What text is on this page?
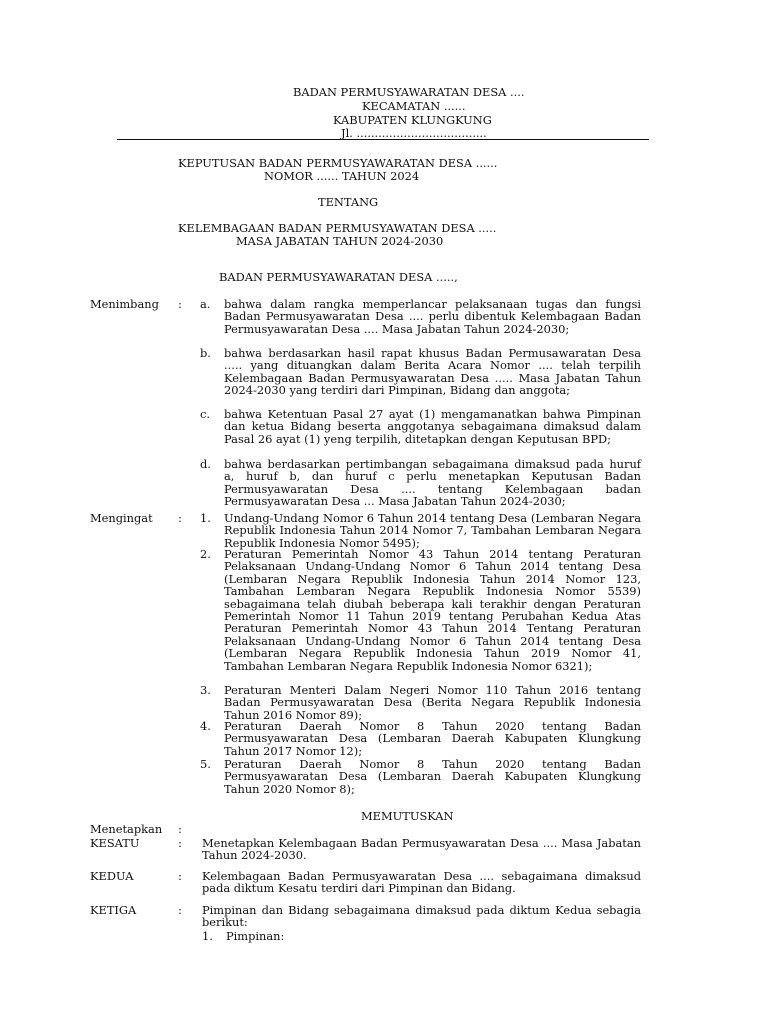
BADAN PERMUSYAWARATAN DESA ....
KECAMATAN ......
KABUPATEN KLUNGKUNG
Jl. ....................................
KEPUTUSAN BADAN PERMUSYAWARATAN DESA ......
NOMOR ...... TAHUN 2024
TENTANG
KELEMBAGAAN BADAN PERMUSYAWATAN DESA .....
MASA JABATAN TAHUN 2024-2030
BADAN PERMUSYAWARATAN DESA .....,
Menimbang : a.	bahwa dalam rangka memperlancar pelaksanaan tugas dan fungsi Badan Permusyawaratan Desa .... perlu dibentuk Kelembagaan Badan Permusyawaratan Desa .... Masa Jabatan Tahun 2024-2030;
b.	bahwa berdasarkan hasil rapat khusus Badan Permusawaratan Desa ..... yang dituangkan dalam Berita Acara Nomor .... telah terpilih Kelembagaan Badan Permusyawaratan Desa ..... Masa Jabatan Tahun 2024-2030 yang terdiri dari Pimpinan, Bidang dan anggota;
c.	bahwa Ketentuan Pasal 27 ayat (1) mengamanatkan bahwa Pimpinan dan ketua Bidang beserta anggotanya sebagaimana dimaksud dalam Pasal 26 ayat (1) yeng terpilih, ditetapkan dengan Keputusan BPD;
d.	bahwa berdasarkan pertimbangan sebagaimana dimaksud pada huruf a, huruf b, dan huruf c perlu menetapkan Keputusan Badan Permusyawaratan Desa .... tentang Kelembagaan badan Permusyawaratan Desa ... Masa Jabatan Tahun 2024-2030;
Mengingat : 1.	Undang-Undang Nomor 6 Tahun 2014 tentang Desa (Lembaran Negara Republik Indonesia Tahun 2014 Nomor 7, Tambahan Lembaran Negara Republik Indonesia Nomor 5495);
2.	Peraturan Pemerintah Nomor 43 Tahun 2014 tentang Peraturan Pelaksanaan Undang-Undang Nomor 6 Tahun 2014 tentang Desa (Lembaran Negara Republik Indonesia Tahun 2014 Nomor 123, Tambahan Lembaran Negara Republik Indonesia Nomor 5539) sebagaimana telah diubah beberapa kali terakhir dengan Peraturan Pemerintah Nomor 11 Tahun 2019 tentang Perubahan Kedua Atas Peraturan Pemerintah Nomor 43 Tahun 2014 Tentang Peraturan Pelaksanaan Undang-Undang Nomor 6 Tahun 2014 tentang Desa (Lembaran Negara Republik Indonesia Tahun 2019 Nomor 41, Tambahan Lembaran Negara Republik Indonesia Nomor 6321);
3.	Peraturan Menteri Dalam Negeri Nomor 110 Tahun 2016 tentang Badan Permusyawaratan Desa (Berita Negara Republik Indonesia Tahun 2016 Nomor 89);
4.	Peraturan Daerah Nomor 8 Tahun 2020 tentang Badan Permusyawaratan Desa (Lembaran Daerah Kabupaten Klungkung Tahun 2017 Nomor 12);
5.	Peraturan Daerah Nomor 8 Tahun 2020 tentang Badan Permusyawaratan Desa (Lembaran Daerah Kabupaten Klungkung Tahun 2020 Nomor 8);
MEMUTUSKAN
Menetapkan :
KESATU	: Menetapkan Kelembagaan Badan Permusyawaratan Desa .... Masa Jabatan Tahun 2024-2030.
KEDUA	: Kelembagaan Badan Permusyawaratan Desa .... sebagaimana dimaksud pada diktum Kesatu terdiri dari Pimpinan dan Bidang.
KETIGA	: Pimpinan dan Bidang sebagaimana dimaksud pada diktum Kedua sebagia berikut:
1.	Pimpinan:
